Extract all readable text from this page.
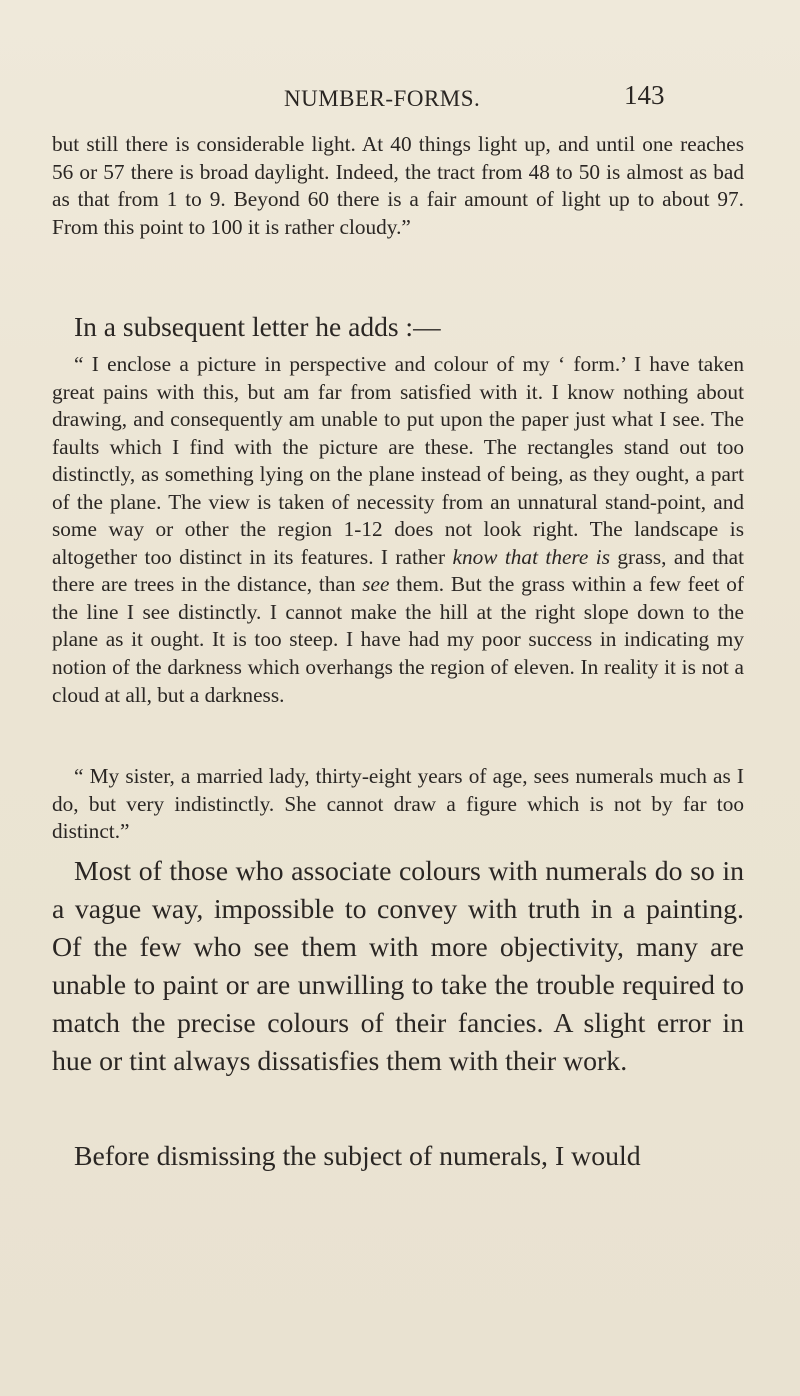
NUMBER-FORMS.	143

but still there is considerable light. At 40 things light up, and until one reaches 56 or 57 there is broad daylight. Indeed, the tract from 48 to 50 is almost as bad as that from 1 to 9. Beyond 60 there is a fair amount of light up to about 97. From this point to 100 it is rather cloudy.”

In a subsequent letter he adds :—

“ I enclose a picture in perspective and colour of my ‘ form.’ I have taken great pains with this, but am far from satisfied with it. I know nothing about drawing, and consequently am unable to put upon the paper just what I see. The faults which I find with the picture are these. The rectangles stand out too distinctly, as something lying on the plane instead of being, as they ought, a part of the plane. The view is taken of necessity from an unnatural stand-point, and some way or other the region 1-12 does not look right. The landscape is altogether too distinct in its features. I rather know that there is grass, and that there are trees in the distance, than see them. But the grass within a few feet of the line I see distinctly. I cannot make the hill at the right slope down to the plane as it ought. It is too steep. I have had my poor success in indicating my notion of the darkness which overhangs the region of eleven. In reality it is not a cloud at all, but a darkness.

“ My sister, a married lady, thirty-eight years of age, sees numerals much as I do, but very indistinctly. She cannot draw a figure which is not by far too distinct.”

Most of those who associate colours with numerals do so in a vague way, impossible to convey with truth in a painting. Of the few who see them with more objectivity, many are unable to paint or are unwilling to take the trouble required to match the precise colours of their fancies. A slight error in hue or tint always dissatisfies them with their work.

Before dismissing the subject of numerals, I would
